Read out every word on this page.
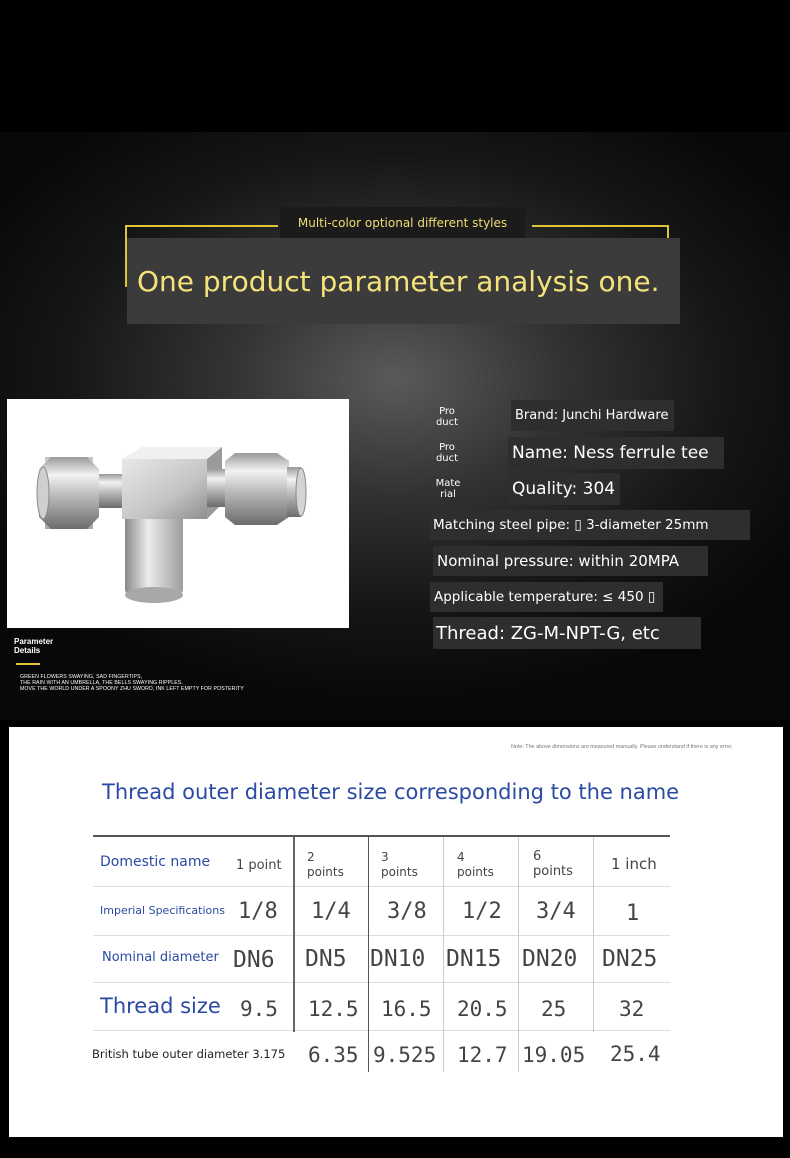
Multi-color optional different styles
One product parameter analysis one.
Parameter
Details
GREEN FLOWERS SWAYING, SAD FINGERTIPS,
THE RAIN WITH AN UMBRELLA, THE BELLS SWAYING RIPPLES.
MOVE THE WORLD UNDER A SPOONY ZHU SWORD, INK LEFT EMPTY FOR POSTERITY
Pro
duct
Pro
duct
Mate
rial
Brand: Junchi Hardware
Name: Ness ferrule tee
Quality: 304
Matching steel pipe: ▯ 3-diameter 25mm
Nominal pressure: within 20MPA
Applicable temperature: ≤ 450 ▯
Thread: ZG-M-NPT-G, etc
Note: The above dimensions are measured manually. Please understand if there is any error.
Thread outer diameter size corresponding to the name
Domestic name 1 point
2
points
3
points
4
points
6
points	1 inch
Imperial Specifications 1/8 1/4 3/8 1/2 3/4 1
Nominal diameter DN6 DN5 DN10 DN15 DN20 DN25
Thread size 9.5 12.5 16.5 20.5 25	32
British tube outer diameter 3.175 6.35 9.525 12.7 19.05 25.4
